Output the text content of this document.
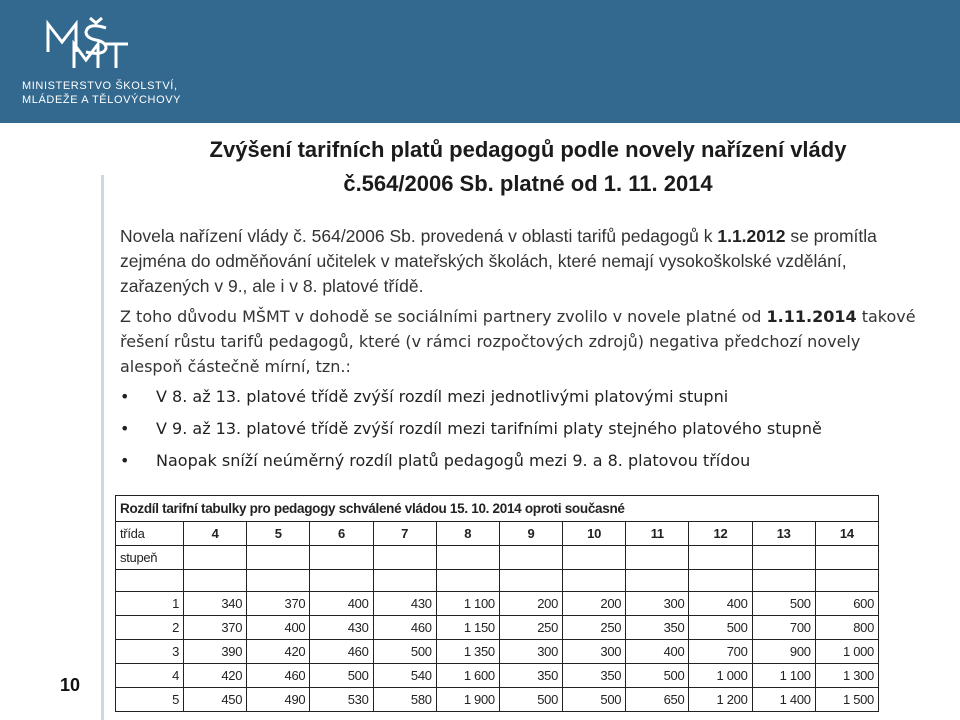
MINISTERSTVO ŠKOLSTVÍ,
MLÁDEŽE A TĚLOVÝCHOVY
Zvýšení tarifních platů pedagogů podle novely nařízení vlády
č.564/2006 Sb. platné od 1. 11. 2014
Novela nařízení vlády č. 564/2006 Sb. provedená v oblasti tarifů pedagogů k 1.1.2012 se promítla zejména do odměňování učitelek v mateřských školách, které nemají vysokoškolské vzdělání, zařazených v 9., ale i v 8. platové třídě.
Z toho důvodu MŠMT v dohodě se sociálními partnery zvolilo v novele platné od 1.11.2014 takové řešení růstu tarifů pedagogů, které (v rámci rozpočtových zdrojů) negativa předchozí novely alespoň částečně mírní, tzn.:
• V 8. až 13. platové třídě zvýší rozdíl mezi jednotlivými platovými stupni
• V 9. až 13. platové třídě zvýší rozdíl mezi tarifními platy stejného platového stupně
• Naopak sníží neúměrný rozdíl platů pedagogů mezi 9. a 8. platovou třídou
Rozdíl tarifní tabulky pro pedagogy schválené vládou 15. 10. 2014 oproti současné
třída	4	5	6	7	8	9	10	11	12	13	14
stupeň											

1	340	370	400	430	1 100	200	200	300	400	500	600
2	370	400	430	460	1 150	250	250	350	500	700	800
3	390	420	460	500	1 350	300	300	400	700	900	1 000
4	420	460	500	540	1 600	350	350	500	1 000	1 100	1 300
5	450	490	530	580	1 900	500	500	650	1 200	1 400	1 500
10
